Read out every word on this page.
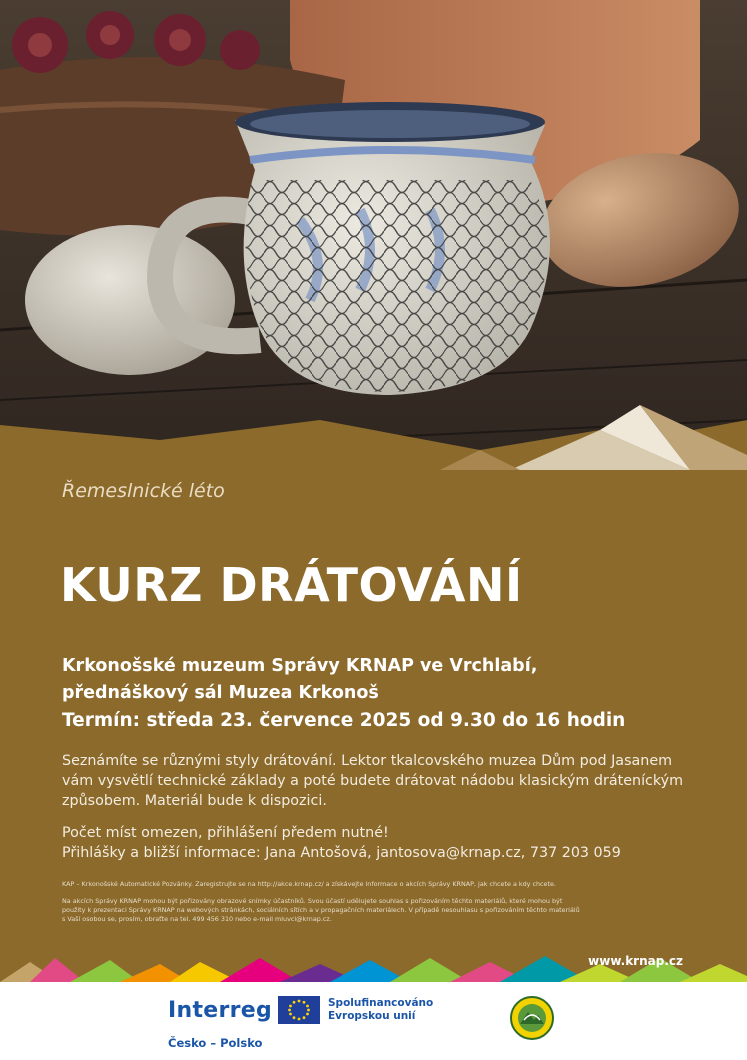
Řemeslnické léto
KURZ DRÁTOVÁNÍ
Krkonošské muzeum Správy KRNAP ve Vrchlabí,
přednáškový sál Muzea Krkonoš
Termín: středa 23. července 2025 od 9.30 do 16 hodin

Seznámíte se různými styly drátování. Lektor tkalcovského muzea Dům pod Jasanem vám vysvětlí technické základy a poté budete drátovat nádobu klasickým dráteníckým způsobem. Materiál bude k dispozici.

Počet míst omezen, přihlášení předem nutné!
Přihlášky a bližší informace: Jana Antošová, jantosova@krnap.cz, 737 203 059

KAP – Krkonošské Automatické Pozvánky. Zaregistrujte se na http://akce.krnap.cz/ a získávejte informace o akcích Správy KRNAP, jak chcete a kdy chcete.

Na akcích Správy KRNAP mohou být pořizovány obrazové snímky účastníků. Svou účastí udělujete souhlas s pořizováním těchto materiálů, které mohou být použity k prezentaci Správy KRNAP na webových stránkách, sociálních sítích a v propagačních materiálech. V případě nesouhlasu s pořizováním těchto materiálů s Vaší osobou se, prosím, obraťte na tel. 499 456 310 nebo e-mail mluvci@krnap.cz.

www.krnap.cz
Interreg
Česko – Polsko
Spolufinancováno
Evropskou unií
